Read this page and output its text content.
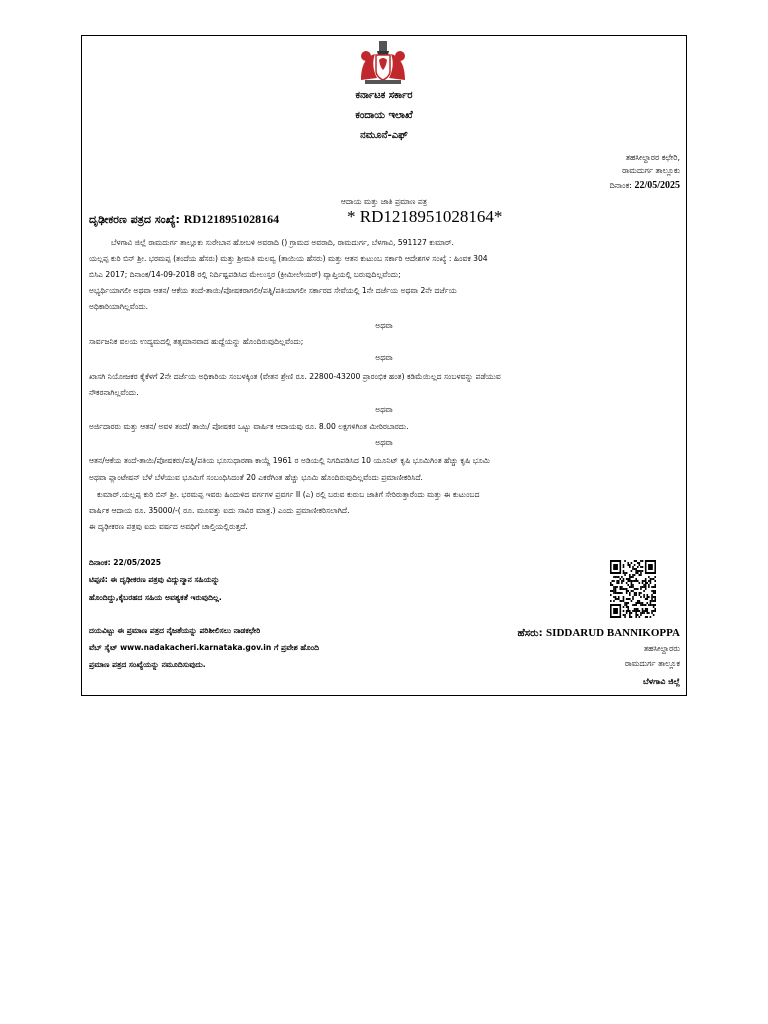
ಕರ್ನಾಟಕ ಸರ್ಕಾರ
ಕಂದಾಯ ಇಲಾಖೆ
ನಮೂನೆ-ಎಫ್
ತಹಸೀಲ್ದಾರರ ಕಛೇರಿ,
ರಾಮದುರ್ಗ ತಾಲ್ಲೂಕು
ದಿನಾಂಕ: 22/05/2025
ಆದಾಯ ಮತ್ತು ಜಾತಿ ಪ್ರಮಾಣ ಪತ್ರ
ದೃಢೀಕರಣ ಪತ್ರದ ಸಂಖ್ಯೆ: RD1218951028164	* RD1218951028164*
ಬೆಳಗಾವಿ ಜಿಲ್ಲೆ ರಾಮದುರ್ಗ ತಾಲ್ಲೂಕು ಸುರೇಬಾನ ಹೋಬಳಿ ಅವರಾದಿ () ಗ್ರಾಮದ ಅವರಾದಿ, ರಾಮದುರ್ಗ, ಬೆಳಗಾವಿ, 591127 ಕುಮಾರ್.
ಯಲ್ಲಪ್ಪ ಕುರಿ ಬಿನ್ ಶ್ರೀ. ಭರಮಪ್ಪ (ತಂದೆಯ ಹೆಸರು) ಮತ್ತು ಶ್ರೀಮತಿ ಮಲವ್ವ (ತಾಯಿಯ ಹೆಸರು) ಮತ್ತು ಆತನ ಕುಟುಂಬ ಸರ್ಕಾರಿ ಆದೇಶಗಳ ಸಂಖ್ಯೆ : ಹಿಂವಕ 304
ಬಿಸಿಎ 2017; ದಿನಾಂಕ/14-09-2018 ರಲ್ಲಿ ನಿರ್ದಿಷ್ಟಪಡಿಸಿದ ಮೇಲುಸ್ತರ (ಕ್ರೀಮೀಲೇಯರ್) ವ್ಯಾಪ್ತಿಯಲ್ಲಿ ಬರುವುದಿಲ್ಲವೆಂದು;
ಅಭ್ಯರ್ಥಿಯಾಗಲೀ ಅಥವಾ ಆತನ/ ಆಕೆಯ ತಂದೆ-ತಾಯಿ/ಪೋಷಕರಾಗಲೀ/ಪತ್ನಿ/ಪತಿಯಾಗಲೀ ಸರ್ಕಾರದ ಸೇವೆಯಲ್ಲಿ 1ನೇ ದರ್ಜೆಯ ಅಥವಾ 2ನೇ ದರ್ಜೆಯ
ಅಧಿಕಾರಿಯಾಗಿಲ್ಲವೆಂದು.
ಅಥವಾ
ಸಾರ್ವಜನಿಕ ವಲಯ ಉದ್ಯಮದಲ್ಲಿ ತತ್ಸಮಾನವಾದ ಹುದ್ದೆಯನ್ನು ಹೊಂದಿರುವುದಿಲ್ಲವೆಂದು;
ಅಥವಾ
ಖಾಸಗಿ ನಿಯೋಜಕರ ಕೈಕೆಳಗೆ 2ನೇ ದರ್ಜೆಯ ಅಧಿಕಾರಿಯ ಸಂಬಳಕ್ಕಿಂತ (ವೇತನ ಶ್ರೇಣಿ ರೂ. 22800-43200 ಪ್ರಾರಂಭಿಕ ಹಂತ) ಕಡಿಮೆಯಿಲ್ಲದ ಸಂಬಳವನ್ನು ಪಡೆಯುವ
ನೌಕರನಾಗಿಲ್ಲವೆಂದು.
ಅಥವಾ
ಅರ್ಜಿದಾರರು ಮತ್ತು ಆತನ/ ಅವಳ ತಂದೆ/ ತಾಯಿ/ ಪೋಷಕರ ಒಟ್ಟು ವಾರ್ಷಿಕ ಆದಾಯವು ರೂ. 8.00 ಲಕ್ಷಗಳಿಗಿಂತ ಮೀರಿರಬಾರದು.
ಅಥವಾ
ಆತನ/ಆಕೆಯ ತಂದೆ-ತಾಯಿ/ಪೋಷಕರು/ಪತ್ನಿ/ಪತಿಯ ಭೂಸುಧಾರಣಾ ಕಾಯ್ದೆ 1961 ರ ಅಡಿಯಲ್ಲಿ ನಿಗದಿಪಡಿಸಿದ 10 ಯೂನಿಟ್ ಕೃಷಿ ಭೂಮಿಗಿಂತ ಹೆಚ್ಚು ಕೃಷಿ ಭೂಮಿ
ಅಥವಾ ಪ್ಲಾಂಟೇಷನ್ ಬೆಳೆ ಬೆಳೆಯುವ ಭೂಮಿಗೆ ಸಂಬಂಧಿಸಿದಂತೆ 20 ಎಕರೆಗಿಂತ ಹೆಚ್ಚು ಭೂಮಿ ಹೊಂದಿರುವುದಿಲ್ಲವೆಂದು ಪ್ರಮಾಣೀಕರಿಸಿದೆ.
ಕುಮಾರ್.ಯಲ್ಲಪ್ಪ ಕುರಿ ಬಿನ್ ಶ್ರೀ. ಭರಮಪ್ಪ ಇವರು ಹಿಂದುಳಿದ ವರ್ಗಗಳ ಪ್ರವರ್ಗ II (ಎ) ರಲ್ಲಿ ಬರುವ ಕುರುಬ ಜಾತಿಗೆ ಸೇರಿರುತ್ತಾರೆಂದು ಮತ್ತು ಈ ಕುಟುಂಬದ
ವಾರ್ಷಿಕ ಆದಾಯ ರೂ. 35000/-( ರೂ. ಮೂವತ್ತು ಐದು ಸಾವಿರ ಮಾತ್ರ.) ಎಂದು ಪ್ರಮಾಣೀಕರಿಸಲಾಗಿದೆ.
ಈ ದೃಢೀಕರಣ ಪತ್ರವು ಐದು ವರ್ಷದ ಅವಧಿಗೆ ಚಾಲ್ತಿಯಲ್ಲಿರುತ್ತದೆ.
ದಿನಾಂಕ: 22/05/2025
ಟಿಪ್ಪಣಿ: ಈ ದೃಢೀಕರಣ ಪತ್ರವು ವಿದ್ಯುನ್ಮಾನ ಸಹಿಯನ್ನು
ಹೊಂದಿದ್ದು,ಕೈಬರಹದ ಸಹಿಯ ಅವಶ್ಯಕತೆ ಇರುವುದಿಲ್ಲ.
ದಯವಿಟ್ಟು ಈ ಪ್ರಮಾಣ ಪತ್ರದ ನೈಜತೆಯನ್ನು ಪರಿಶೀಲಿಸಲು ನಾಡಕಛೇರಿ
ವೆಬ್ ಸೈಟ್ www.nadakacheri.karnataka.gov.in ಗೆ ಪ್ರವೇಶ ಹೊಂದಿ
ಪ್ರಮಾಣ ಪತ್ರದ ಸಂಖ್ಯೆಯನ್ನು ನಮೂದಿಸುವುದು.
ಹೆಸರು: SIDDARUD BANNIKOPPA
ತಹಸೀಲ್ದಾರರು
ರಾಮದುರ್ಗ ತಾಲ್ಲೂಕ
ಬೆಳಗಾವಿ ಜಿಲ್ಲೆ
